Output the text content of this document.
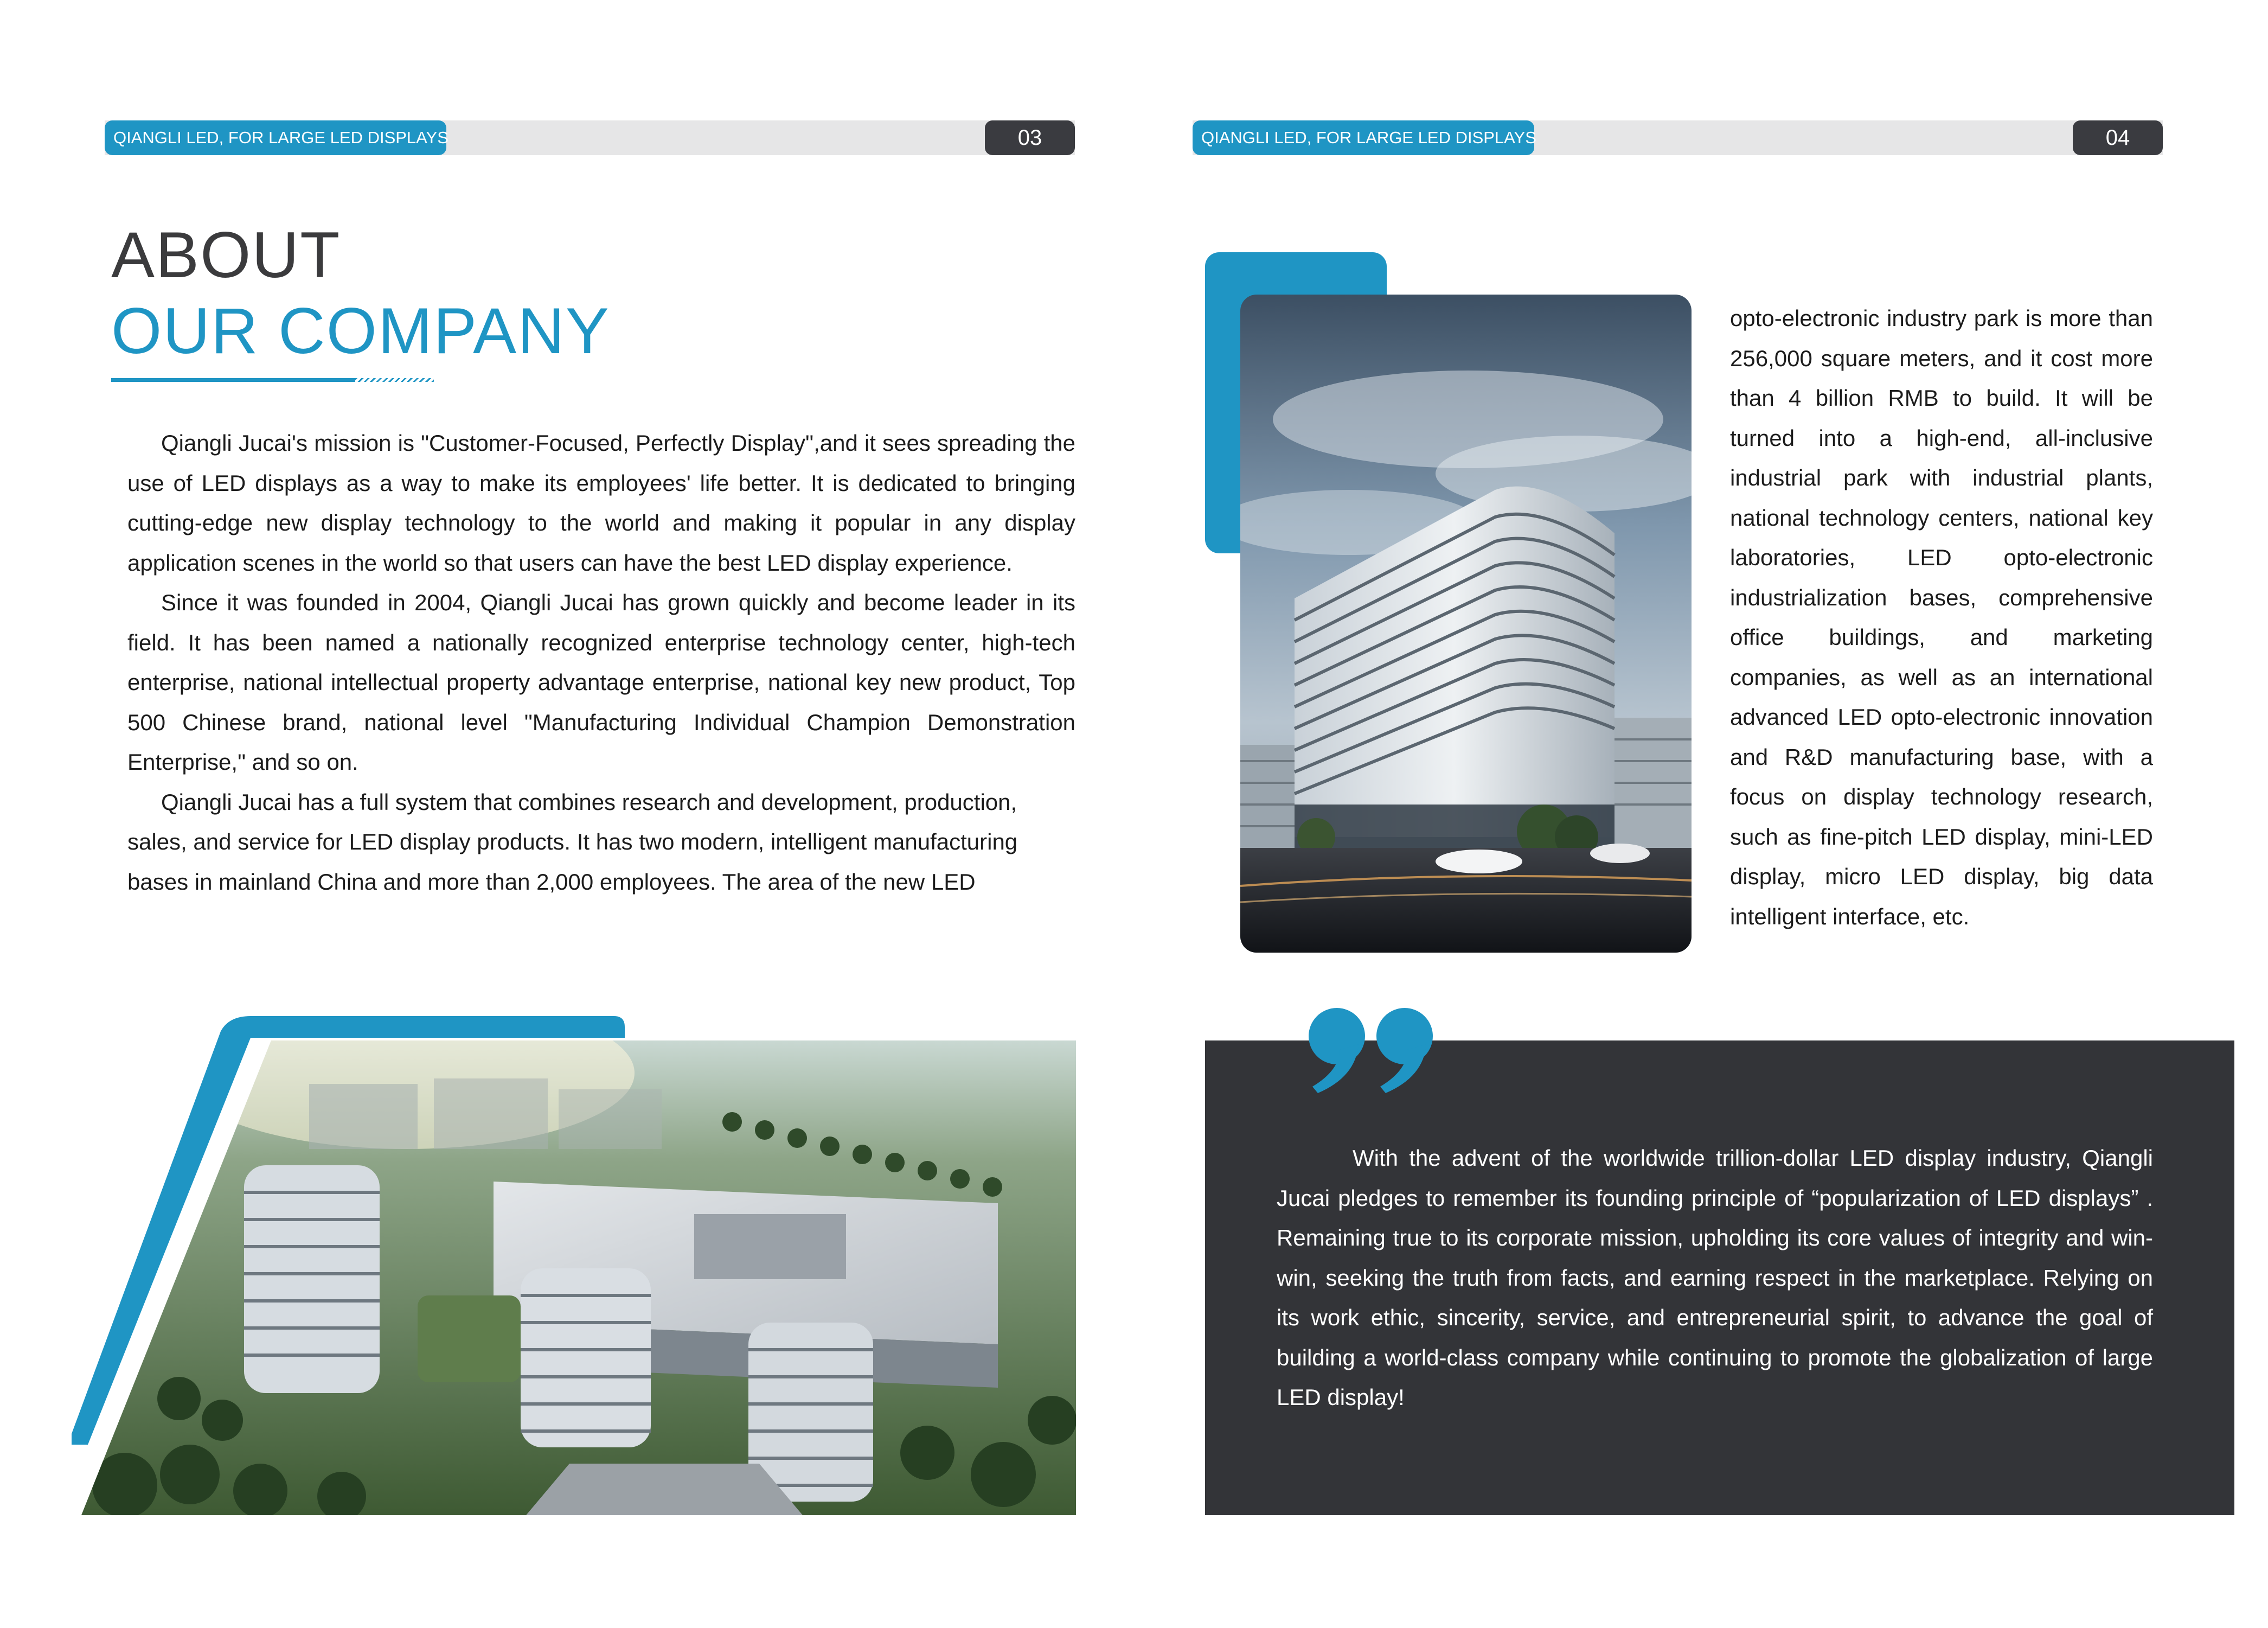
QIANGLI LED, FOR LARGE LED DISPLAYS	03	QIANGLI LED, FOR LARGE LED DISPLAYS	04
ABOUT
OUR COMPANY

Qiangli Jucai's mission is "Customer-Focused, Perfectly Display",and it sees spreading the use of LED displays as a way to make its employees' life better. It is dedicated to bringing cutting-edge new display technology to the world and making it popular in any display application scenes in the world so that users can have the best LED display experience.

Since it was founded in 2004, Qiangli Jucai has grown quickly and become leader in its field. It has been named a nationally recognized enterprise technology center, high-tech enterprise, national intellectual property advantage enterprise, national key new product, Top 500 Chinese brand, national level "Manufacturing Individual Champion Demonstration Enterprise," and so on.

Qiangli Jucai has a full system that combines research and development, production, sales, and service for LED display products. It has two modern, intelligent manufacturing bases in mainland China and more than 2,000 employees. The area of the new LED

opto-electronic industry park is more than 256,000 square meters, and it cost more than 4 billion RMB to build. It will be turned into a high-end, all-inclusive industrial park with industrial plants, national technology centers, national key laboratories, LED opto-electronic industrialization bases, comprehensive office buildings, and marketing companies, as well as an international advanced LED opto-electronic innovation and R&D manufacturing base, with a focus on display technology research, such as fine-pitch LED display, mini-LED display, micro LED display, big data intelligent interface, etc.

With the advent of the worldwide trillion-dollar LED display industry, Qiangli Jucai pledges to remember its founding principle of “popularization of LED displays” . Remaining true to its corporate mission, upholding its core values of integrity and win-win, seeking the truth from facts, and earning respect in the marketplace. Relying on its work ethic, sincerity, service, and entrepreneurial spirit, to advance the goal of building a world-class company while continuing to promote the globalization of large LED display!
